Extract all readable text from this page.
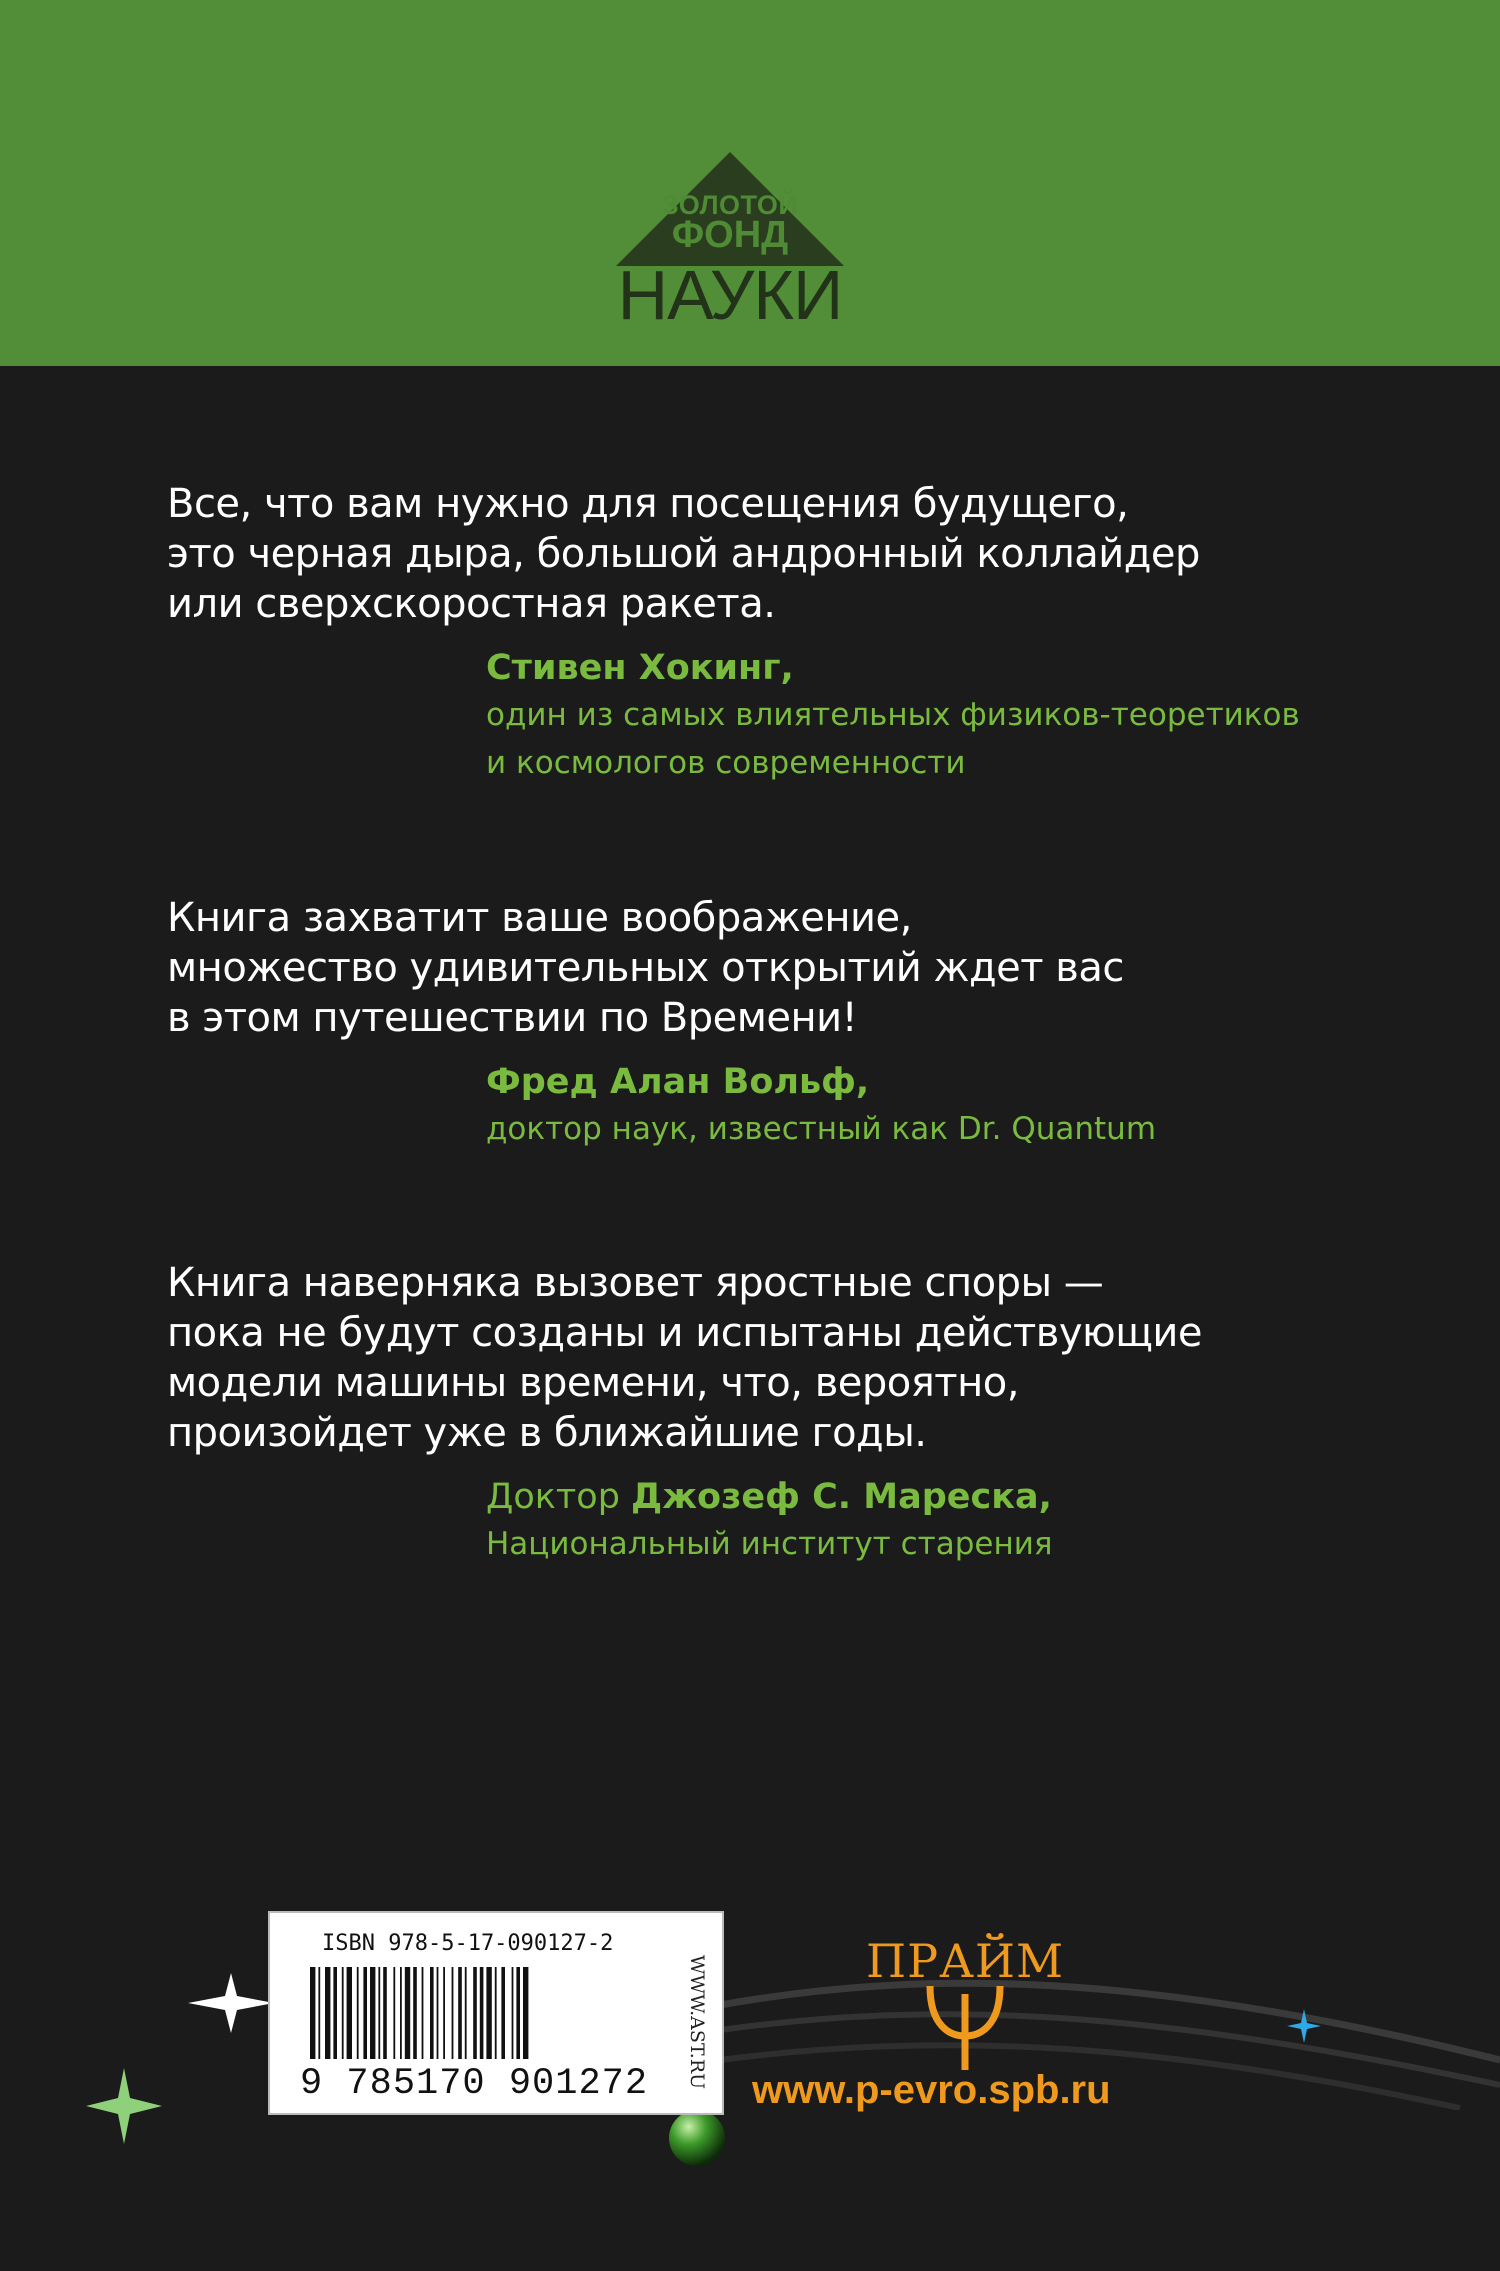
ЗОЛОТОЙ
ФОНД
НАУКИ
Все, что вам нужно для посещения будущего,
это черная дыра, большой андронный коллайдер
или сверхскоростная ракета.
Стивен Хокинг,
один из самых влиятельных физиков-теоретиков
и космологов современности
Книга захватит ваше воображение,
множество удивительных открытий ждет вас
в этом путешествии по Времени!
Фред Алан Вольф,
доктор наук, известный как Dr. Quantum
Книга наверняка вызовет яростные споры —
пока не будут созданы и испытаны действующие
модели машины времени, что, вероятно,
произойдет уже в ближайшие годы.
Доктор Джозеф С. Мареска,
Национальный институт старения
ISBN 978-5-17-090127-2
9 785170 901272 WWW.AST.RU	ПРАЙМ
www.p-evro.spb.ru
